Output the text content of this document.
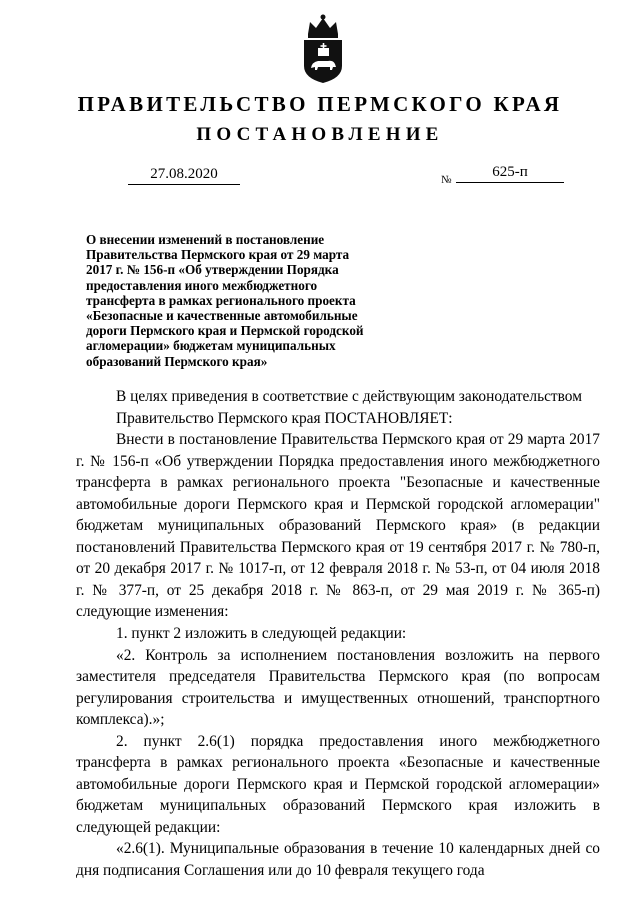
ПРАВИТЕЛЬСТВО ПЕРМСКОГО КРАЯ
ПОСТАНОВЛЕНИЕ
27.08.2020	№	625-п
О внесении изменений в постановление
Правительства Пермского края от 29 марта
2017 г. № 156-п «Об утверждении Порядка
предоставления иного межбюджетного
трансферта в рамках регионального проекта
«Безопасные и качественные автомобильные
дороги Пермского края и Пермской городской
агломерации» бюджетам муниципальных
образований Пермского края»

В целях приведения в соответствие с действующим законодательством

Правительство Пермского края ПОСТАНОВЛЯЕТ:

Внести в постановление Правительства Пермского края от 29 марта 2017 г. № 156-п «Об утверждении Порядка предоставления иного межбюджетного трансферта в рамках регионального проекта "Безопасные и качественные автомобильные дороги Пермского края и Пермской городской агломерации" бюджетам муниципальных образований Пермского края» (в редакции постановлений Правительства Пермского края от 19 сентября 2017 г. № 780-п, от 20 декабря 2017 г. № 1017-п, от 12 февраля 2018 г. № 53-п, от 04 июля 2018 г. № 377-п, от 25 декабря 2018 г. № 863-п, от 29 мая 2019 г. № 365-п) следующие изменения:

1. пункт 2 изложить в следующей редакции:

«2. Контроль за исполнением постановления возложить на первого заместителя председателя Правительства Пермского края (по вопросам регулирования строительства и имущественных отношений, транспортного комплекса).»;

2. пункт 2.6(1) порядка предоставления иного межбюджетного трансферта в рамках регионального проекта «Безопасные и качественные автомобильные дороги Пермского края и Пермской городской агломерации» бюджетам муниципальных образований Пермского края изложить в следующей редакции:

«2.6(1). Муниципальные образования в течение 10 календарных дней со дня подписания Соглашения или до 10 февраля текущего года
